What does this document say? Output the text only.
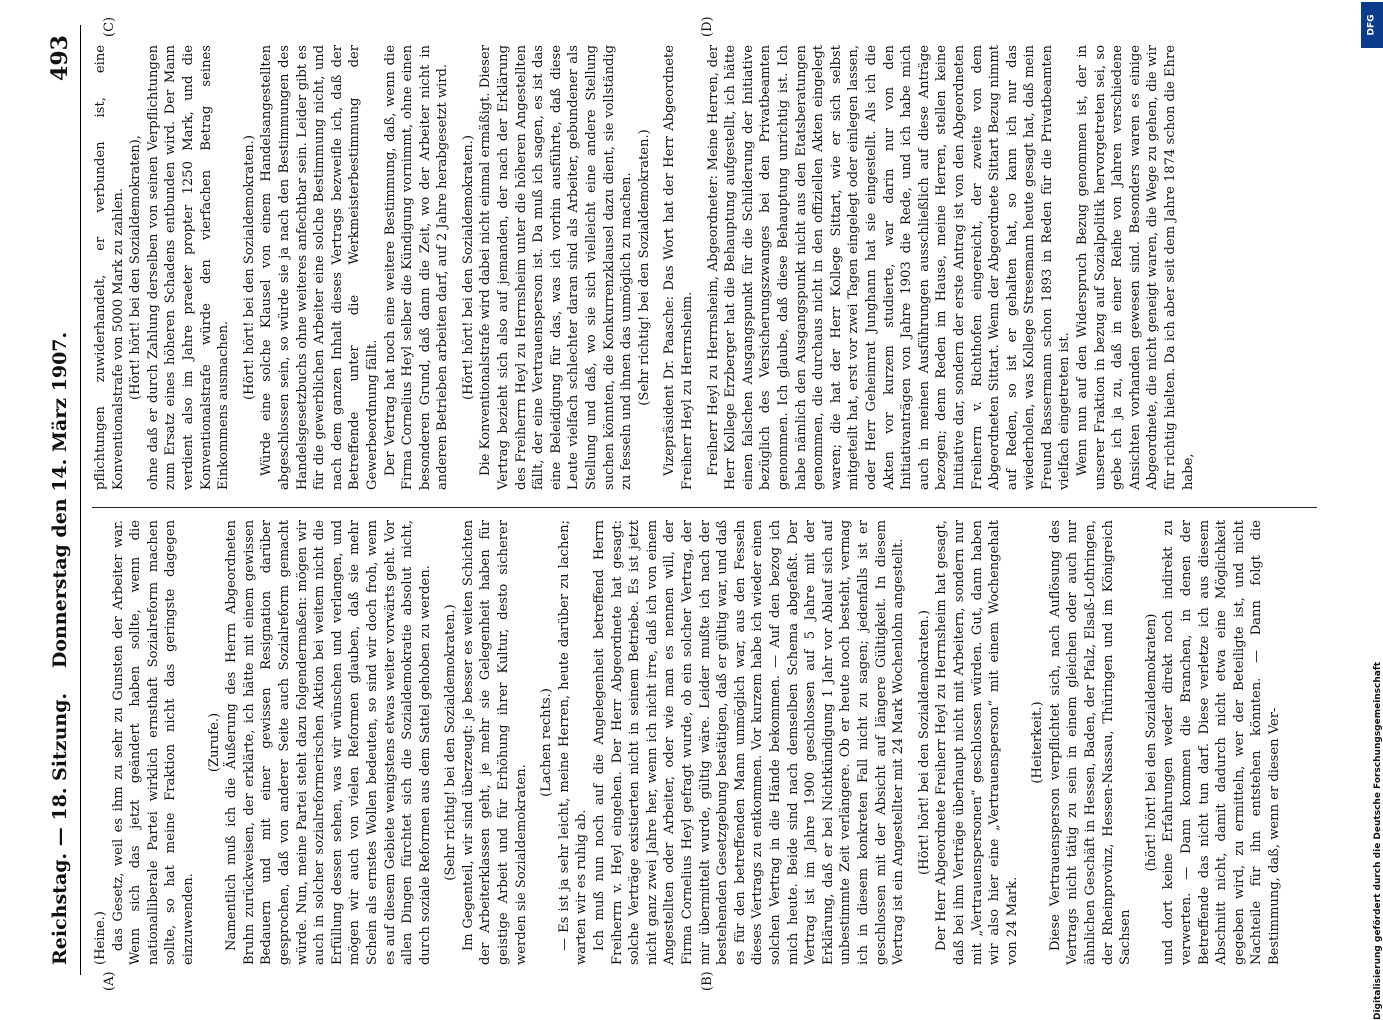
DFG
Reichstag. — 18. Sitzung.
Donnerstag den 14. März 1907.
493
(A)	(B)
(C)	(D)

(Heine.) das Gesetz, weil es ihm zu sehr zu Gunsten der Arbeiter war. Wenn sich das jetzt geändert haben sollte, wenn die nationalliberale Partei wirklich ernsthaft Sozialreform machen sollte, so hat meine Fraktion nicht das geringste dagegen einzuwenden.

(Zurufe.) Namentlich muß ich die Äußerung des Herrn Abgeordneten Bruhn zurückweisen, der erklärte, ich hätte mit einem gewissen Bedauern und mit einer gewissen Resignation darüber gesprochen, daß von anderer Seite auch Sozialreform gemacht würde. Nun, meine Partei steht dazu folgendermaßen: mögen wir auch in solcher sozialreformerischen Aktion bei weitem nicht die Erfüllung dessen sehen, was wir wünschen und verlangen, und mögen wir auch von vielen Reformen glauben, daß sie mehr Schein als ernstes Wollen bedeuten, so sind wir doch froh, wenn es auf diesem Gebiete wenigstens etwas weiter vorwärts geht. Vor allen Dingen fürchtet sich die Sozialdemokratie absolut nicht, durch soziale Reformen aus dem Sattel gehoben zu werden. (Sehr richtig! bei den Sozialdemokraten.) Im Gegenteil, wir sind überzeugt: je besser es weiten Schichten der Arbeiterklassen geht, je mehr sie Gelegenheit haben für geistige Arbeit und für Erhöhung ihrer Kultur, desto sicherer werden sie Sozialdemokraten.

(Lachen rechts.) — Es ist ja sehr leicht, meine Herren, heute darüber zu lachen; warten wir es ruhig ab. Ich muß nun noch auf die Angelegenheit betreffend Herrn Freiherrn v. Heyl eingehen. Der Herr Abgeordnete hat gesagt: solche Verträge existierten nicht in seinem Betriebe. Es ist jetzt nicht ganz zwei Jahre her, wenn ich nicht irre, daß ich von einem Angestellten oder Arbeiter, oder wie man es nennen will, der Firma Cornelius Heyl gefragt wurde, ob ein solcher Vertrag, der mir übermittelt wurde, gültig wäre. Leider mußte ich nach der bestehenden Gesetzgebung bestätigen, daß er gültig war, und daß es für den betreffenden Mann unmöglich war, aus den Fesseln dieses Vertrags zu entkommen. Vor kurzem habe ich wieder einen solchen Vertrag in die Hände bekommen. — Auf den bezog ich mich heute. Beide sind nach demselben Schema abgefaßt. Der Vertrag ist im Jahre 1900 geschlossen auf 5 Jahre mit der Erklärung, daß er bei Nichtkündigung 1 Jahr vor Ablauf sich auf unbestimmte Zeit verlängere. Ob er heute noch besteht, vermag ich in diesem konkreten Fall nicht zu sagen; jedenfalls ist er geschlossen mit der Absicht auf längere Gültigkeit. In diesem Vertrag ist ein Angestellter mit 24 Mark Wochenlohn angestellt. (Hört! hört! bei den Sozialdemokraten.) Der Herr Abgeordnete Freiherr Heyl zu Herrnsheim hat gesagt, daß bei ihm Verträge überhaupt nicht mit Arbeitern, sondern nur mit „Vertrauenspersonen“ geschlossen würden. Gut, dann haben wir also hier eine „Vertrauensperson“ mit einem Wochengehalt von 24 Mark.

(Heiterkeit.) Diese Vertrauensperson verpflichtet sich, nach Auflösung des Vertrags nicht tätig zu sein in einem gleichen oder auch nur ähnlichen Geschäft in Hessen, Baden, der Pfalz, Elsaß-Lothringen, der Rheinprovinz, Hessen-Nassau, Thüringen und im Königreich Sachsen

(hört! hört! bei den Sozialdemokraten) und dort keine Erfahrungen weder direkt noch indirekt zu verwerten. — Dann kommen die Branchen, in denen der Betreffende das nicht tun darf. Diese verletze ich aus diesem Abschnitt nicht, damit dadurch nicht etwa eine Möglichkeit gegeben wird, zu ermitteln, wer der Beteiligte ist, und nicht Nachteile für ihn entstehen könnten. — Dann folgt die Bestimmung, daß, wenn er diesen Ver-

pflichtungen zuwiderhandelt, er verbunden ist, eine Konventionalstrafe von 5000 Mark zu zahlen. (Hört! hört! bei den Sozialdemokraten), ohne daß er durch Zahlung derselben von seinen Verpflichtungen zum Ersatz eines höheren Schadens entbunden wird. Der Mann verdient also im Jahre praeter propter 1250 Mark, und die Konventionalstrafe würde den vierfachen Betrag seines Einkommens ausmachen.

(Hört! hört! bei den Sozialdemokraten.) Würde eine solche Klausel von einem Handelsangestellten abgeschlossen sein, so würde sie ja nach den Bestimmungen des Handelsgesetzbuchs ohne weiteres anfechtbar sein. Leider gibt es für die gewerblichen Arbeiter eine solche Bestimmung nicht, und nach dem ganzen Inhalt dieses Vertrags bezweifle ich, daß der Betreffende unter die Werkmeisterbestimmung der Gewerbeordnung fällt. Der Vertrag hat noch eine weitere Bestimmung, daß, wenn die Firma Cornelius Heyl selber die Kündigung vornimmt, ohne einen besonderen Grund, daß dann die Zeit, wo der Arbeiter nicht in anderen Betrieben arbeiten darf, auf 2 Jahre herabgesetzt wird. (Hört! hört! bei den Sozialdemokraten.) Die Konventionalstrafe wird dabei nicht einmal ermäßigt. Dieser Vertrag bezieht sich also auf jemanden, der nach der Erklärung des Freiherrn Heyl zu Herrnsheim unter die höheren Angestellten fällt, der eine Vertrauensperson ist. Da muß ich sagen, es ist das eine Beleidigung für das, was ich vorhin ausführte, daß diese Leute vielfach schlechter daran sind als Arbeiter, gebundener als Stellung und daß, wo sie sich vielleicht eine andere Stellung suchen könnten, die Konkurrenzklausel dazu dient, sie vollständig zu fesseln und ihnen das unmöglich zu machen. (Sehr richtig! bei den Sozialdemokraten.) Vizepräsident Dr. Paasche: Das Wort hat der Herr Abgeordnete Freiherr Heyl zu Herrnsheim. Freiherr Heyl zu Herrnsheim, Abgeordneter: Meine Herren, der Herr Kollege Erzberger hat die Behauptung aufgestellt, ich hätte einen falschen Ausgangspunkt für die Schilderung der Initiative bezüglich des Versicherungszwanges bei den Privatbeamten genommen. Ich glaube, daß diese Behauptung unrichtig ist. Ich habe nämlich den Ausgangspunkt nicht aus den Etatsberatungen genommen, die durchaus nicht in den offiziellen Akten eingelegt waren; die hat der Herr Kollege Sittart, wie er sich selbst mitgeteilt hat, erst vor zwei Tagen eingelegt oder einlegen lassen, oder Herr Geheimrat Junghann hat sie eingestellt. Als ich die Akten vor kurzem studierte, war darin nur von den Initiativanträgen von Jahre 1903 die Rede, und ich habe mich auch in meinen Ausführungen ausschließlich auf diese Anträge bezogen; denn Reden im Hause, meine Herren, stellen keine Initiative dar, sondern der erste Antrag ist von den Abgeordneten Freiherrn v. Richthofen eingereicht, der zweite von dem Abgeordneten Sittart. Wenn der Abgeordnete Sittart Bezug nimmt auf Reden, so ist er gehalten hat, so kann ich nur das wiederholen, was Kollege Stresemann heute gesagt hat, daß mein Freund Bassermann schon 1893 in Reden für die Privatbeamten vielfach eingetreten ist. Wenn nun auf den Widerspruch Bezug genommen ist, der in unserer Fraktion in bezug auf Sozialpolitik hervorgetreten sei, so gebe ich ja zu, daß in einer Reihe von Jahren verschiedene Ansichten vorhanden gewesen sind. Besonders waren es einige Abgeordnete, die nicht geneigt waren, die Wege zu gehen, die wir für richtig hielten. Da ich aber seit dem Jahre 1874 schon die Ehre habe,

Digitalisierung gefördert durch die Deutsche Forschungsgemeinschaft
